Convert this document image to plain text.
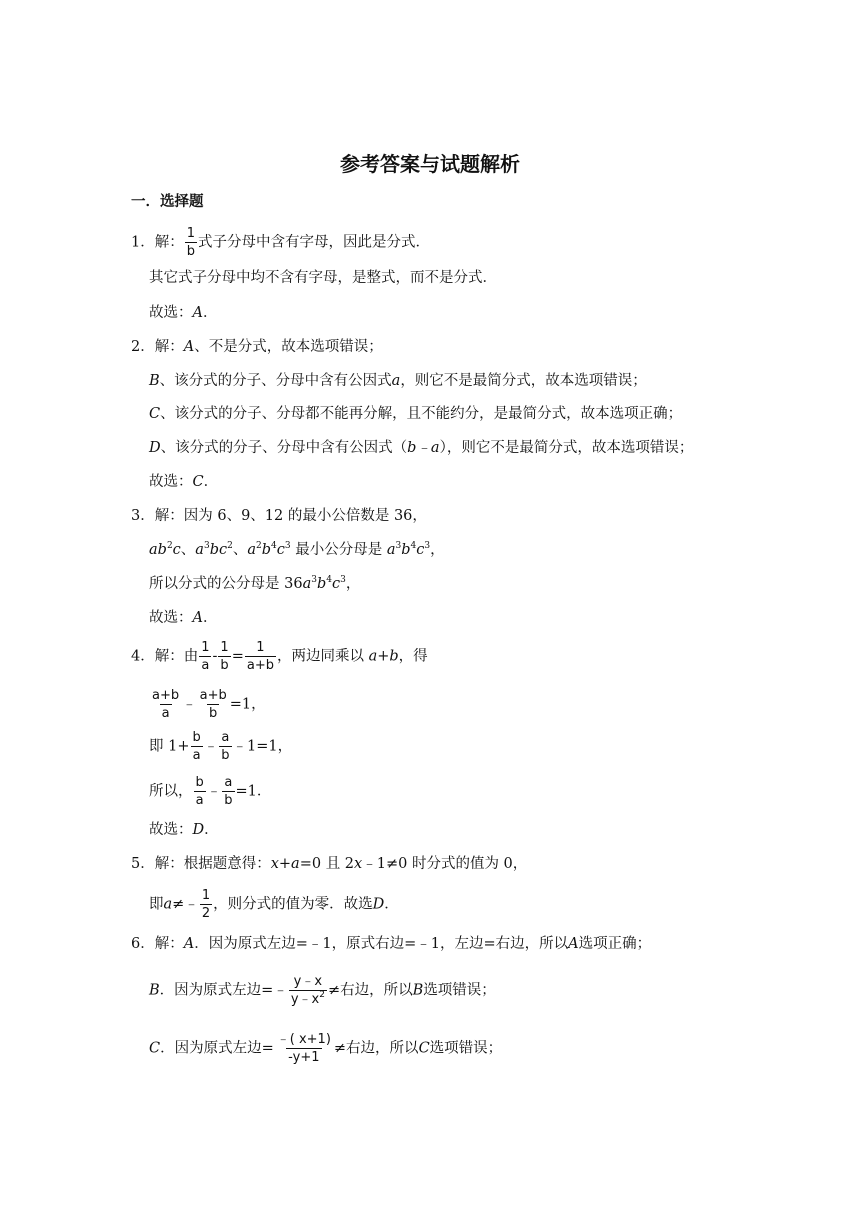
参考答案与试题解析
一．选择题
1．解： $\frac{1}{b}$ 式子分母中含有字母，因此是分式．
其它式子分母中均不含有字母，是整式，而不是分式．
故选：A．
2．解：A、不是分式，故本选项错误；
B、该分式的分子、分母中含有公因式a，则它不是最简分式，故本选项错误；
C、该分式的分子、分母都不能再分解，且不能约分，是最简分式，故本选项正确；
D、该分式的分子、分母中含有公因式（b﹣a），则它不是最简分式，故本选项错误；
故选：C．
3．解：因为 6、9、12 的最小公倍数是 36，
$ab^2c$、$a^3bc^2$、$a^2b^4c^3$ 最小公分母是 $a^3b^4c^3$，
所以分式的公分母是 $36a^3b^4c^3$，
故选：A．
4．解：由 $\frac{1}{a} - \frac{1}{b} = \frac{1}{a+b}$ ，两边同乘以 a+b，得
$\frac{a+b}{a}$ ﹣ $\frac{a+b}{b} =1$，
即 $1+ \frac{b}{a}$ ﹣ $\frac{a}{b}$ ﹣1=1，
所以， $\frac{b}{a}$ ﹣ $\frac{a}{b} =1$．
故选：D．
5．解：根据题意得：x+a=0 且 2x﹣1≠0 时分式的值为 0，
即a≠﹣ $\frac{1}{2}$ ，则分式的值为零．故选D．
6．解：A．因为原式左边=﹣1，原式右边=﹣1，左边=右边，所以A选项正确；
B．因为原式左边=﹣ $\frac{y﹣x}{y﹣x^2}$ ≠右边，所以B选项错误；
C．因为原式左边= $\frac{﹣( x+1)}{-y+1}$ ≠右边，所以C选项错误；
